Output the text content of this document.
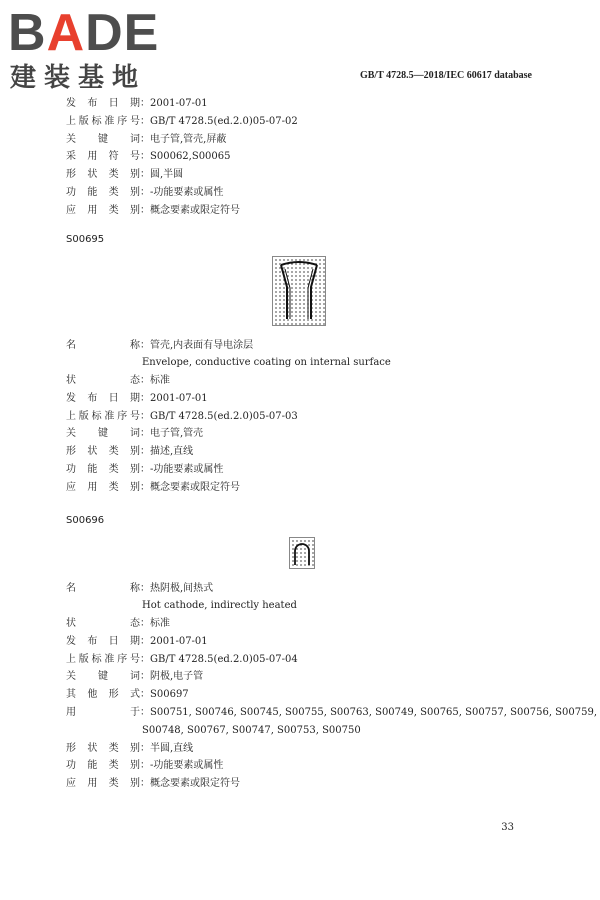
BADE
建装基地	GB/T 4728.5—2018/IEC 60617 database
发布日期：2001-07-01
上版标准序号：GB/T 4728.5(ed.2.0)05-07-02
关键词：电子管,管壳,屏蔽
采用符号：S00062,S00065
形状类别：圆,半圆
功能类别：-功能要素或属性
应用类别：概念要素或限定符号
S00695
名称：管壳,内表面有导电涂层
Envelope, conductive coating on internal surface
状态：标准
发布日期：2001-07-01
上版标准序号：GB/T 4728.5(ed.2.0)05-07-03
关键词：电子管,管壳
形状类别：描述,直线
功能类别：-功能要素或属性
应用类别：概念要素或限定符号
S00696
名称：热阴极,间热式
Hot cathode, indirectly heated
状态：标准
发布日期：2001-07-01
上版标准序号：GB/T 4728.5(ed.2.0)05-07-04
关键词：阴极,电子管
其他形式：S00697
用于：S00751, S00746, S00745, S00755, S00763, S00749, S00765, S00757, S00756, S00759,
S00748, S00767, S00747, S00753, S00750
形状类别：半圆,直线
功能类别：-功能要素或属性
应用类别：概念要素或限定符号
33
